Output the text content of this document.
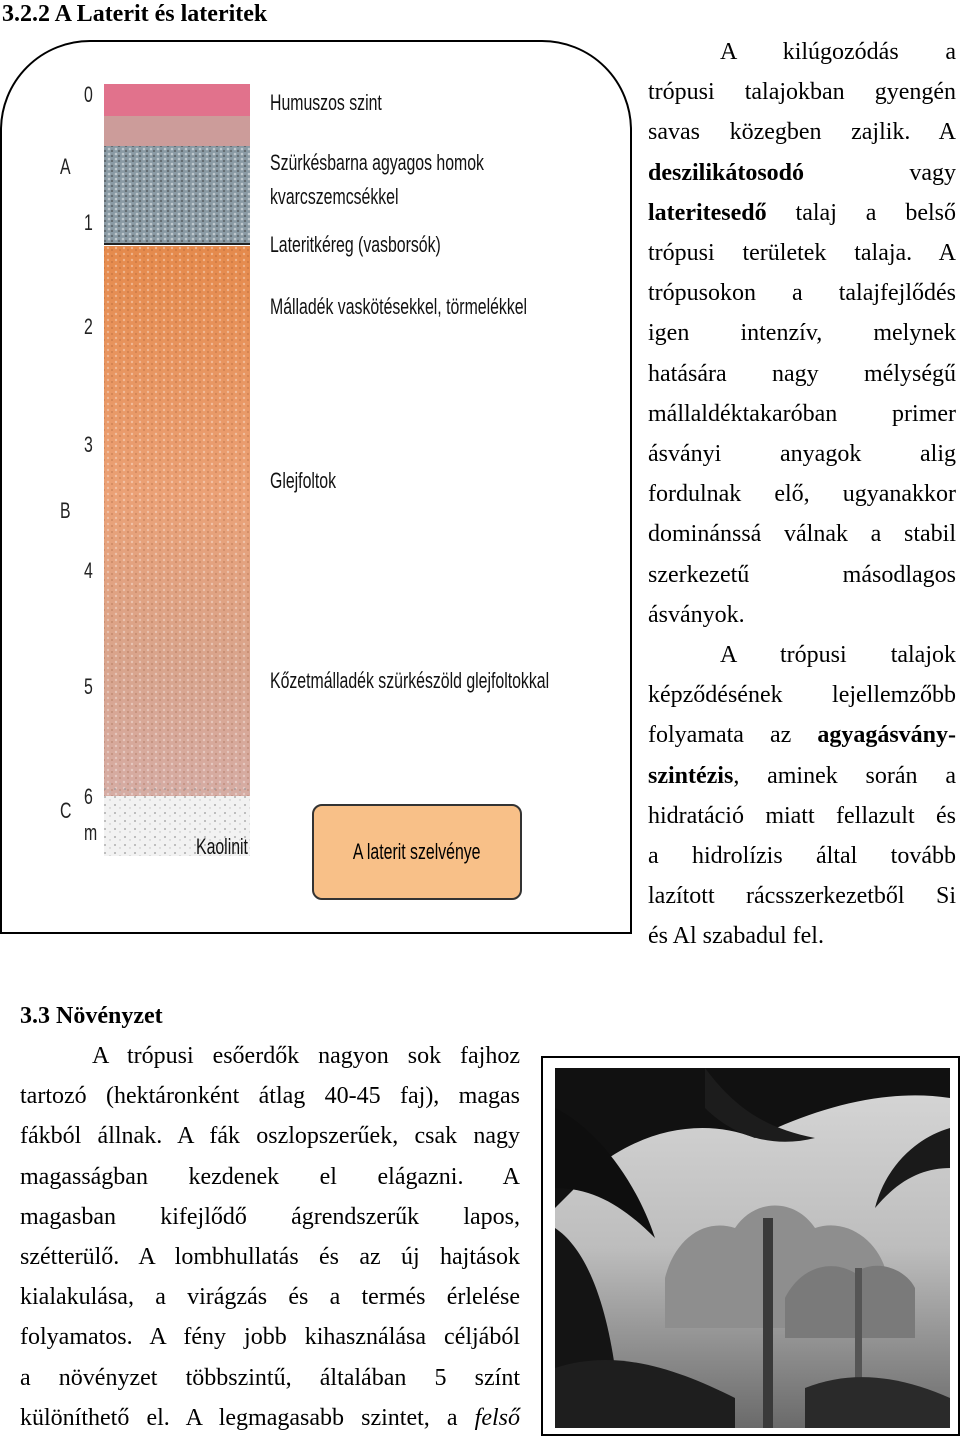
3.2.2 A Laterit és lateritek
0
1
2
3
4
5
6
m
A
B
C
Humuszos szint
Szürkésbarna agyagos homok
kvarcszemcsékkel
Lateritkéreg (vasborsók)
Málladék vaskötésekkel, törmelékkel
Glejfoltok
Kőzetmálladék szürkészöld glejfoltokkal
Kaolinit	A laterit szelvénye
A kilúgozódás a
trópusi talajokban gyengén
savas közegben zajlik. A
deszilikátosodó	vagy
lateritesedő talaj a belső
trópusi területek talaja. A
trópusokon a talajfejlődés
igen intenzív, melynek
hatására nagy mélységű
mállaldéktakaróban primer
ásványi anyagok alig
fordulnak elő, ugyanakkor
dominánssá válnak a stabil
szerkezetű másodlagos
ásványok.
A trópusi talajok
képződésének lejellemzőbb
folyamata az agyagásvány-
szintézis, aminek során a
hidratáció miatt fellazult és
a hidrolízis által tovább
lazított rácsszerkezetből Si
és Al szabadul fel.
3.3 Növényzet
A trópusi esőerdők nagyon sok fajhoz
tartozó (hektáronként átlag 40-45 faj), magas
fákból állnak. A fák oszlopszerűek, csak nagy
magasságban kezdenek el elágazni. A
magasban kifejlődő ágrendszerűk lapos,
szétterülő. A lombhullatás és az új hajtások
kialakulása, a virágzás és a termés érlelése
folyamatos. A fény jobb kihasználása céljából
a növényzet többszintű, általában 5 színt
különíthető el. A legmagasabb szintet, a felső
